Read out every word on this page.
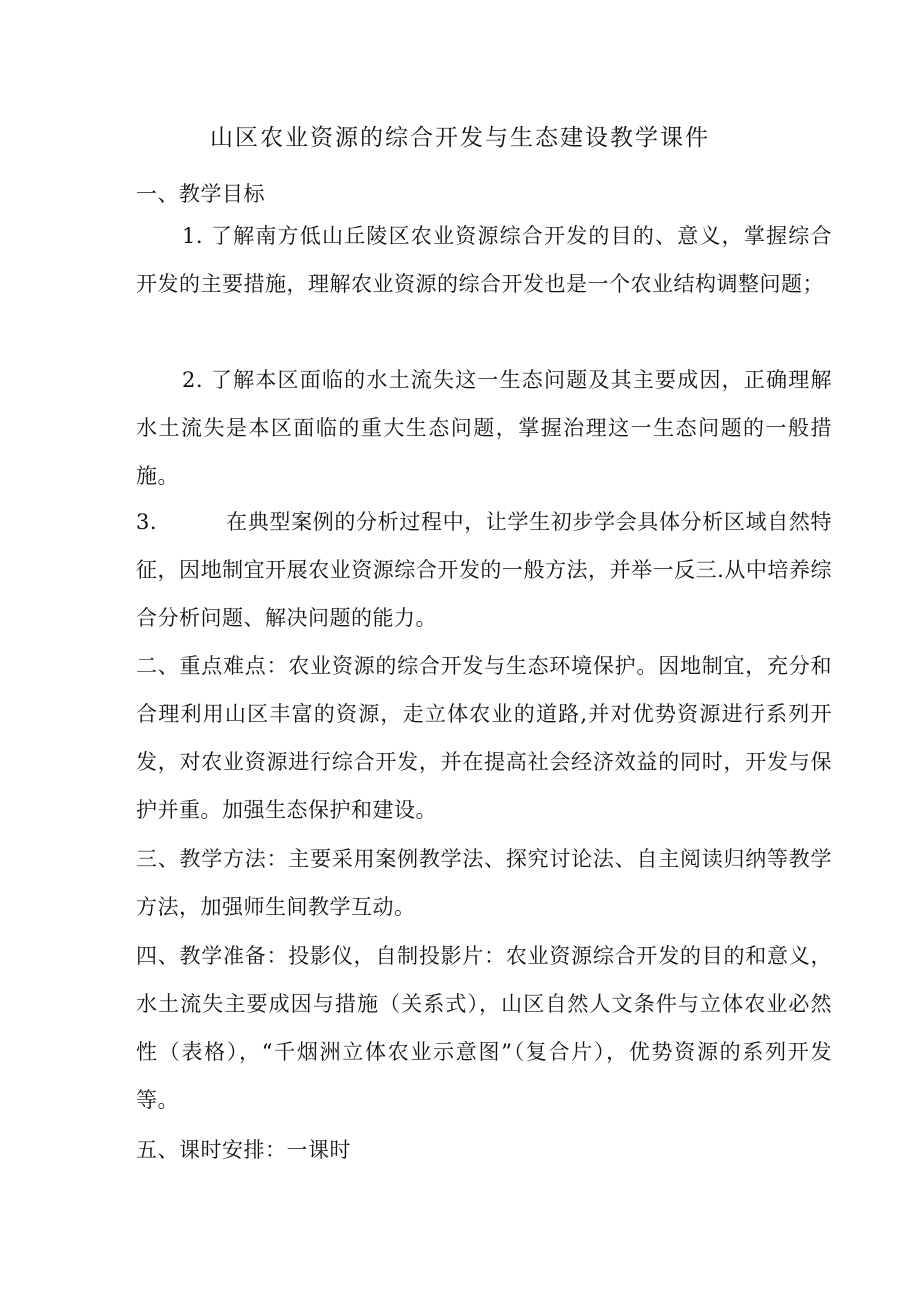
山区农业资源的综合开发与生态建设教学课件

一、教学目标

1. 了解南方低山丘陵区农业资源综合开发的目的、意义，掌握综合开发的主要措施，理解农业资源的综合开发也是一个农业结构调整问题；

2. 了解本区面临的水土流失这一生态问题及其主要成因，正确理解水土流失是本区面临的重大生态问题，掌握治理这一生态问题的一般措施。

3.	在典型案例的分析过程中，让学生初步学会具体分析区域自然特征，因地制宜开展农业资源综合开发的一般方法，并举一反三.从中培养综合分析问题、解决问题的能力。

二、重点难点：农业资源的综合开发与生态环境保护。因地制宜，充分和合理利用山区丰富的资源，走立体农业的道路,并对优势资源进行系列开发，对农业资源进行综合开发，并在提高社会经济效益的同时，开发与保护并重。加强生态保护和建设。

三、教学方法：主要采用案例教学法、探究讨论法、自主阅读归纳等教学方法，加强师生间教学互动。

四、教学准备：投影仪，自制投影片：农业资源综合开发的目的和意义，水土流失主要成因与措施（关系式），山区自然人文条件与立体农业必然性（表格），“千烟洲立体农业示意图”（复合片），优势资源的系列开发等。

五、课时安排：一课时
